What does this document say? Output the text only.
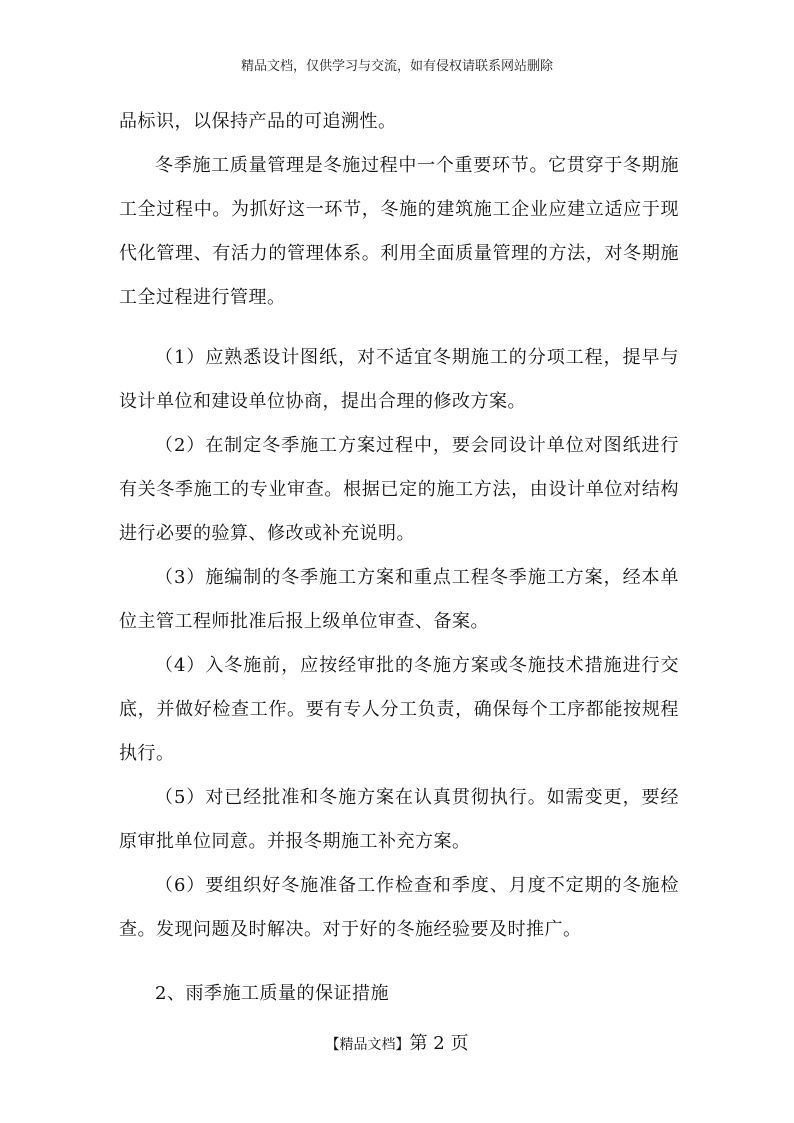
精品文档，仅供学习与交流，如有侵权请联系网站删除

品标识，以保持产品的可追溯性。

冬季施工质量管理是冬施过程中一个重要环节。它贯穿于冬期施工全过程中。为抓好这一环节，冬施的建筑施工企业应建立适应于现代化管理、有活力的管理体系。利用全面质量管理的方法，对冬期施工全过程进行管理。

（1）应熟悉设计图纸，对不适宜冬期施工的分项工程，提早与设计单位和建设单位协商，提出合理的修改方案。

（2）在制定冬季施工方案过程中，要会同设计单位对图纸进行有关冬季施工的专业审查。根据已定的施工方法，由设计单位对结构进行必要的验算、修改或补充说明。

（3）施编制的冬季施工方案和重点工程冬季施工方案，经本单位主管工程师批准后报上级单位审查、备案。

（4）入冬施前，应按经审批的冬施方案或冬施技术措施进行交底，并做好检查工作。要有专人分工负责，确保每个工序都能按规程执行。

（5）对已经批准和冬施方案在认真贯彻执行。如需变更，要经原审批单位同意。并报冬期施工补充方案。

（6）要组织好冬施准备工作检查和季度、月度不定期的冬施检查。发现问题及时解决。对于好的冬施经验要及时推广。

2、雨季施工质量的保证措施

【精品文档】第 2 页
